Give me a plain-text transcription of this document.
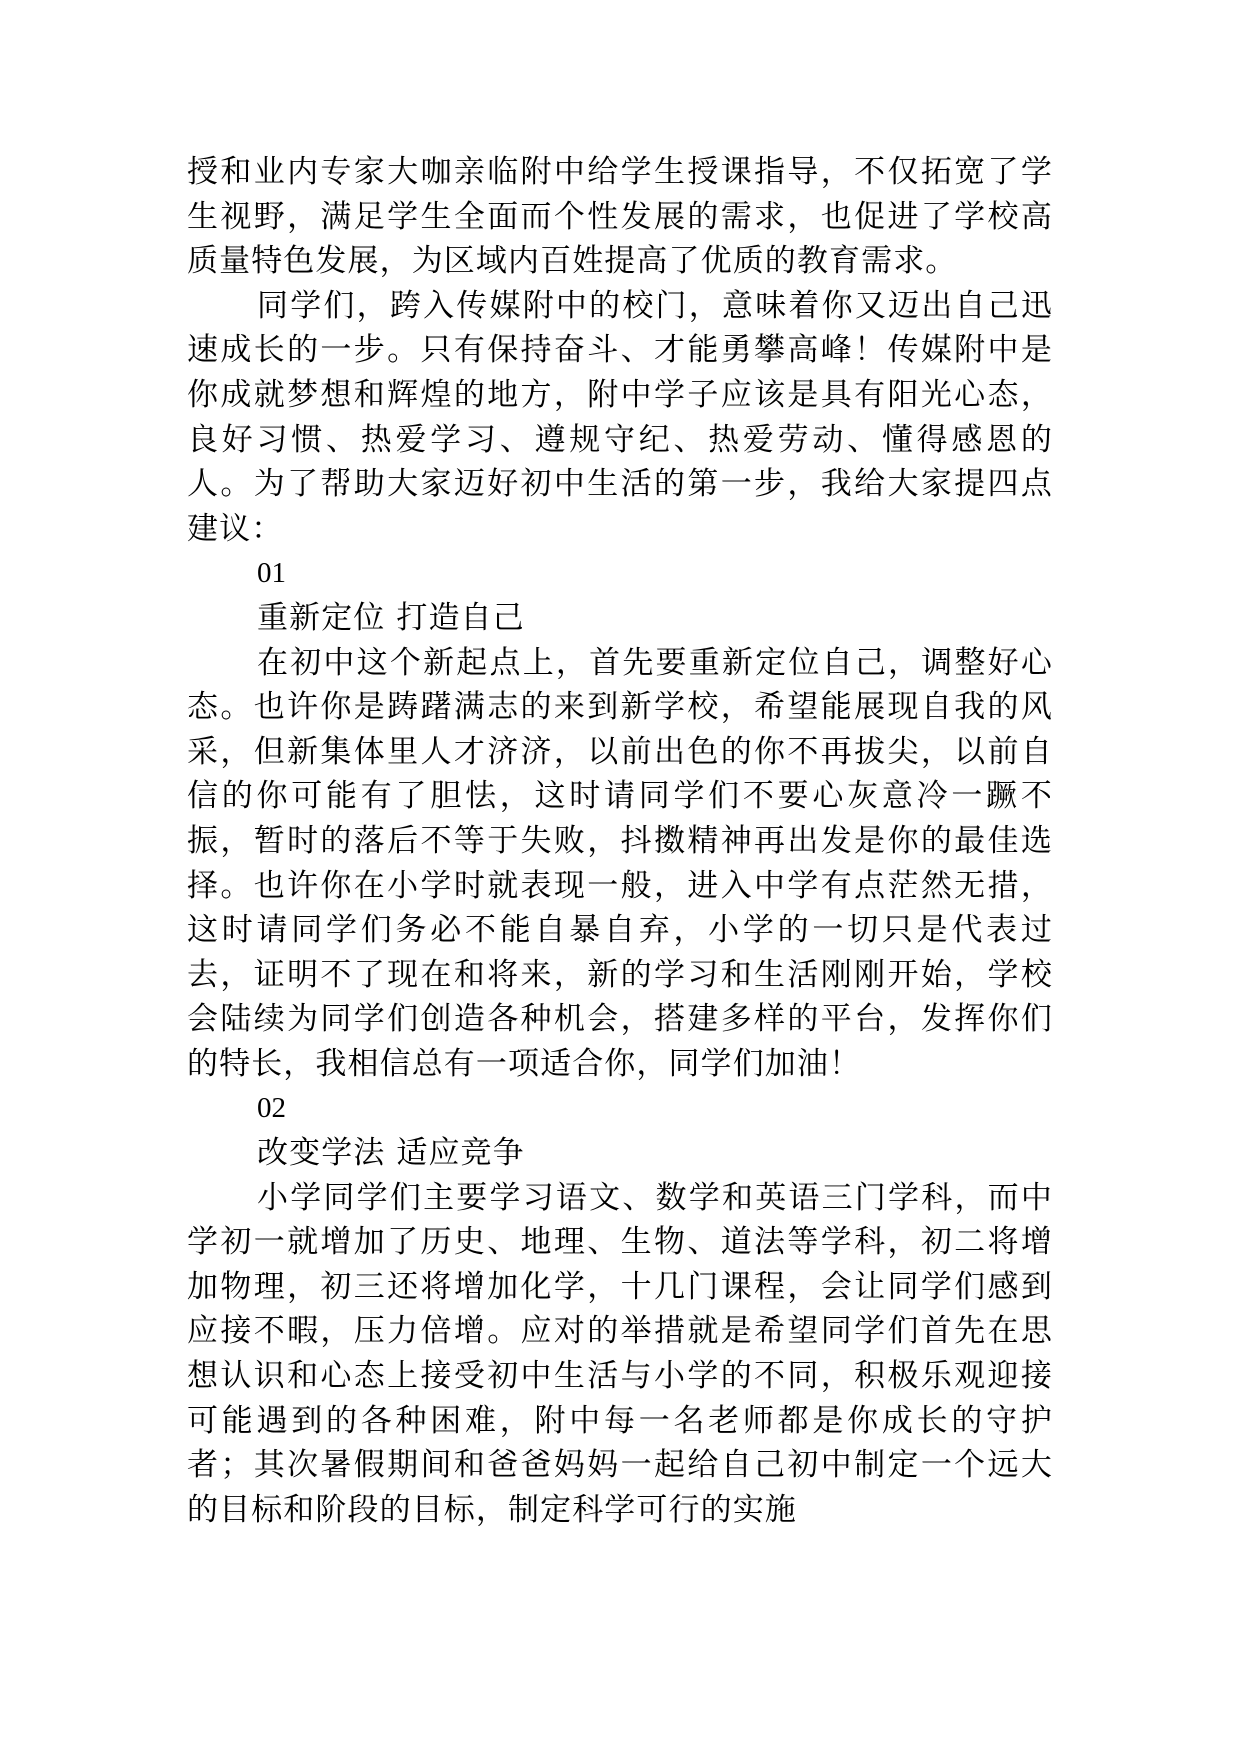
授和业内专家大咖亲临附中给学生授课指导，不仅拓宽了学生视野，满足学生全面而个性发展的需求，也促进了学校高质量特色发展，为区域内百姓提高了优质的教育需求。

同学们，跨入传媒附中的校门，意味着你又迈出自己迅速成长的一步。只有保持奋斗、才能勇攀高峰！传媒附中是你成就梦想和辉煌的地方，附中学子应该是具有阳光心态，良好习惯、热爱学习、遵规守纪、热爱劳动、懂得感恩的人。为了帮助大家迈好初中生活的第一步，我给大家提四点建议：

01

重新定位 打造自己

在初中这个新起点上，首先要重新定位自己，调整好心态。也许你是踌躇满志的来到新学校，希望能展现自我的风采，但新集体里人才济济，以前出色的你不再拔尖，以前自信的你可能有了胆怯，这时请同学们不要心灰意冷一蹶不振，暂时的落后不等于失败，抖擞精神再出发是你的最佳选择。也许你在小学时就表现一般，进入中学有点茫然无措，这时请同学们务必不能自暴自弃，小学的一切只是代表过去，证明不了现在和将来，新的学习和生活刚刚开始，学校会陆续为同学们创造各种机会，搭建多样的平台，发挥你们的特长，我相信总有一项适合你，同学们加油！

02

改变学法 适应竞争

小学同学们主要学习语文、数学和英语三门学科，而中学初一就增加了历史、地理、生物、道法等学科，初二将增加物理，初三还将增加化学，十几门课程，会让同学们感到应接不暇，压力倍增。应对的举措就是希望同学们首先在思想认识和心态上接受初中生活与小学的不同，积极乐观迎接可能遇到的各种困难，附中每一名老师都是你成长的守护者；其次暑假期间和爸爸妈妈一起给自己初中制定一个远大的目标和阶段的目标，制定科学可行的实施
